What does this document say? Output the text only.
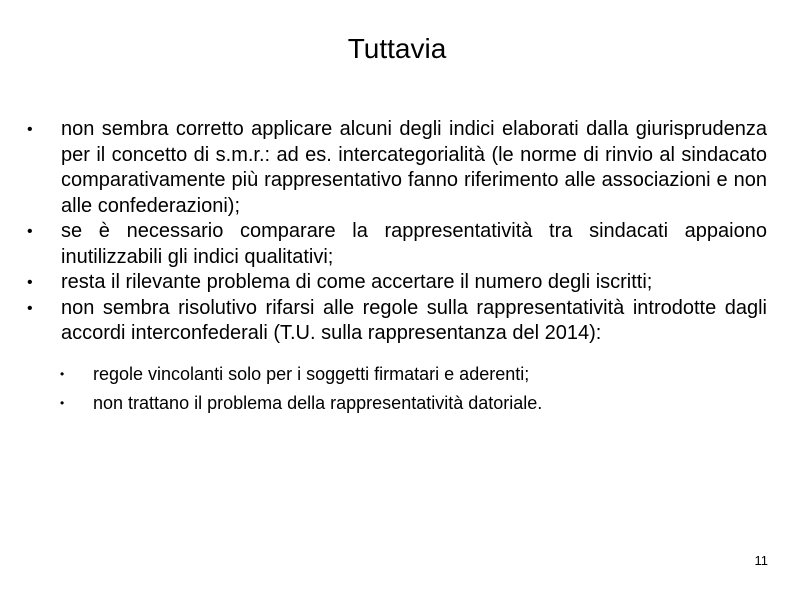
Tuttavia
• non sembra corretto applicare alcuni degli indici elaborati dalla giurisprudenza per il concetto di s.m.r.: ad es. intercategorialità (le norme di rinvio al sindacato comparativamente più rappresentativo fanno riferimento alle associazioni e non alle confederazioni);
• se è necessario comparare la rappresentatività tra sindacati appaiono inutilizzabili gli indici qualitativi;
• resta il rilevante problema di come accertare il numero degli iscritti;
• non sembra risolutivo rifarsi alle regole sulla rappresentatività introdotte dagli accordi interconfederali (T.U. sulla rappresentanza del 2014):
• regole vincolanti solo per i soggetti firmatari e aderenti;
• non trattano il problema della rappresentatività datoriale.
11
